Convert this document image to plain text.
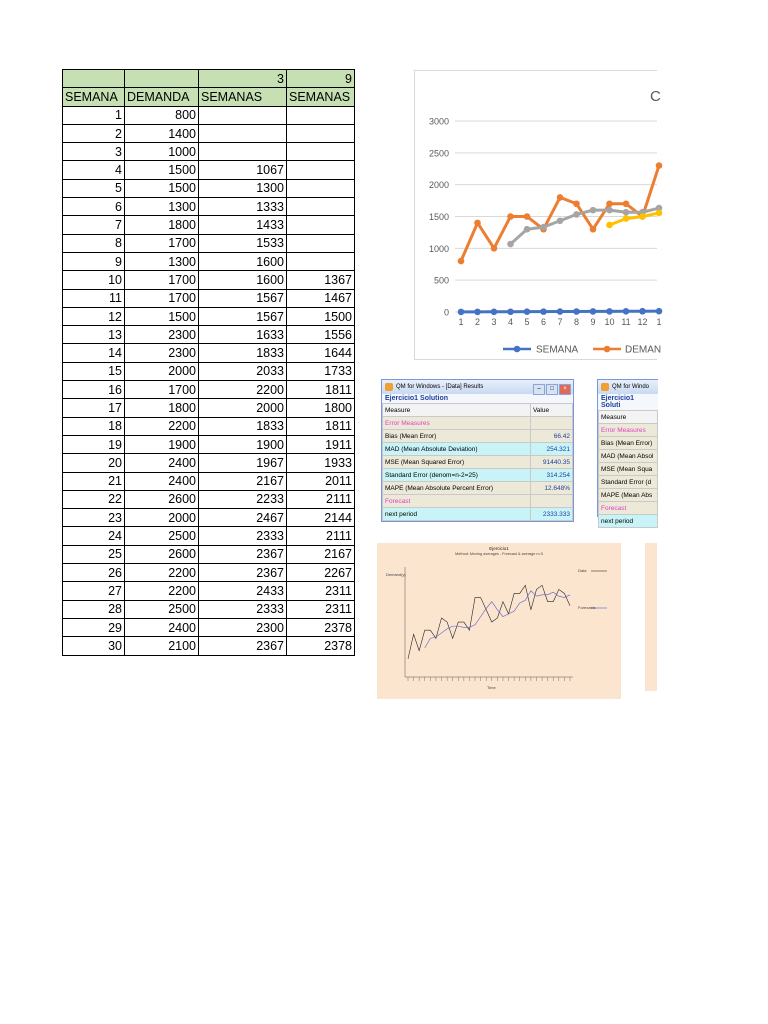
		3	9
SEMANA	DEMANDA	SEMANAS	SEMANAS
1	800		
2	1400		
3	1000		
4	1500	1067	
5	1500	1300	
6	1300	1333	
7	1800	1433	
8	1700	1533	
9	1300	1600	
10	1700	1600	1367
11	1700	1567	1467
12	1500	1567	1500
13	2300	1633	1556
14	2300	1833	1644
15	2000	2033	1733
16	1700	2200	1811
17	1800	2000	1800
18	2200	1833	1811
19	1900	1900	1911
20	2400	1967	1933
21	2400	2167	2011
22	2600	2233	2111
23	2000	2467	2144
24	2500	2333	2111
25	2600	2367	2167
26	2200	2367	2267
27	2200	2433	2311
28	2500	2333	2311
29	2400	2300	2378
30	2100	2367	2378
C
3000
2500
2000
1500
1000
500
0
1 2 3 4 5 6 7 8 9 10 11 12 1
SEMANA	DEMAN
QM for Windows - [Data] Results	– □ ×
Ejercicio1 Solution
Measure	Value
Error Measures	
Bias (Mean Error)	66.42
MAD (Mean Absolute Deviation)	254.321
MSE (Mean Squared Error)	91440.35
Standard Error (denom=n-2=25)	314.254
MAPE (Mean Absolute Percent Error)	12.648%
Forecast	
next period	2333.333
QM for Windo
Ejercicio1 Soluti
Measure
Error Measures
Bias (Mean Error)
MAD (Mean Absol
MSE (Mean Squa
Standard Error (d
MAPE (Mean Abs
Forecast
next period
Ejercicio1
Method: Moving averages - Forecast & average n=3
Demand(y)
Time
Data
Forecasts
